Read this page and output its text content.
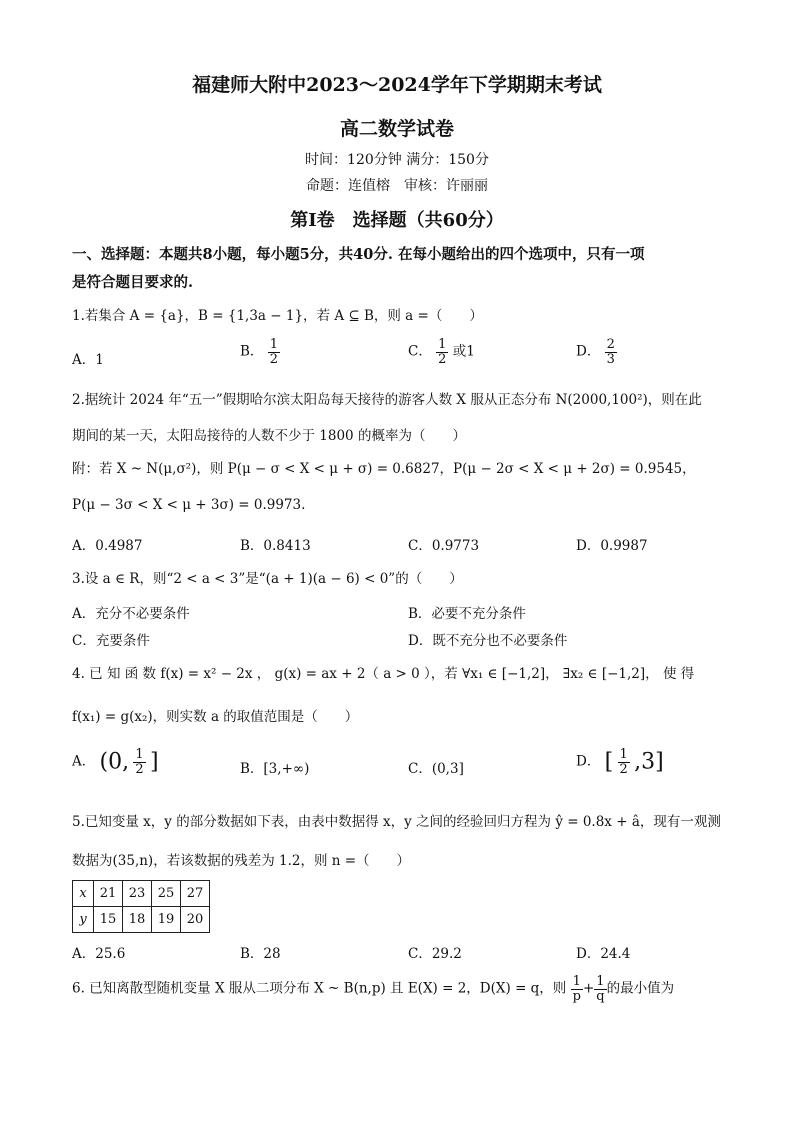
福建师大附中2023～2024学年下学期期末考试
高二数学试卷
时间：120分钟 满分：150分
命题：连值榕　审核：许丽丽
第Ⅰ卷　选择题（共60分）
一、选择题：本题共8小题，每小题5分，共40分. 在每小题给出的四个选项中，只有一项
是符合题目要求的.
1.若集合 A = {a}，B = {1,3a − 1}，若 A ⊆ B，则 a =（　　）
A．1
B． $\frac{1}{2}$	C． $\frac{1}{2}$ 或1	D． $\frac{2}{3}$
2.据统计 2024 年“五一”假期哈尔滨太阳岛每天接待的游客人数 X 服从正态分布 N(2000,100²)，则在此
期间的某一天，太阳岛接待的人数不少于 1800 的概率为（　　）
附：若 X ~ N(μ,σ²)，则 P(μ − σ < X < μ + σ) = 0.6827，P(μ − 2σ < X < μ + 2σ) = 0.9545，
P(μ − 3σ < X < μ + 3σ) = 0.9973.
A．0.4987	B．0.8413	C．0.9773	D．0.9987
3.设 a ∈ R，则“2 < a < 3”是“(a + 1)(a − 6) < 0”的（　　）
A．充分不必要条件	B．必要不充分条件
C．充要条件	D．既不充分也不必要条件
4. 已 知 函 数 f(x) = x² − 2x ， g(x) = ax + 2（ a > 0 ），若 ∀x₁ ∈ [−1,2]， ∃x₂ ∈ [−1,2]， 使 得
f(x₁) = g(x₂)，则实数 a 的取值范围是（　　）
A． (0, $\frac{1}{2}$ ]	B．[3,+∞)	C．(0,3]	D． [ $\frac{1}{2} ,3$]
5.已知变量 x，y 的部分数据如下表，由表中数据得 x，y 之间的经验回归方程为 ŷ = 0.8x + â，现有一观测
数据为(35,n)，若该数据的残差为 1.2，则 n =（　　）
x	21	23	25	27
y	15	18	19	20
A．25.6	B．28	C．29.2	D．24.4
6. 已知离散型随机变量 X 服从二项分布 X ~ B(n,p) 且 E(X) = 2，D(X) = q，则 $\frac{1}{p} + \frac{1}{q}$ 的最小值为
